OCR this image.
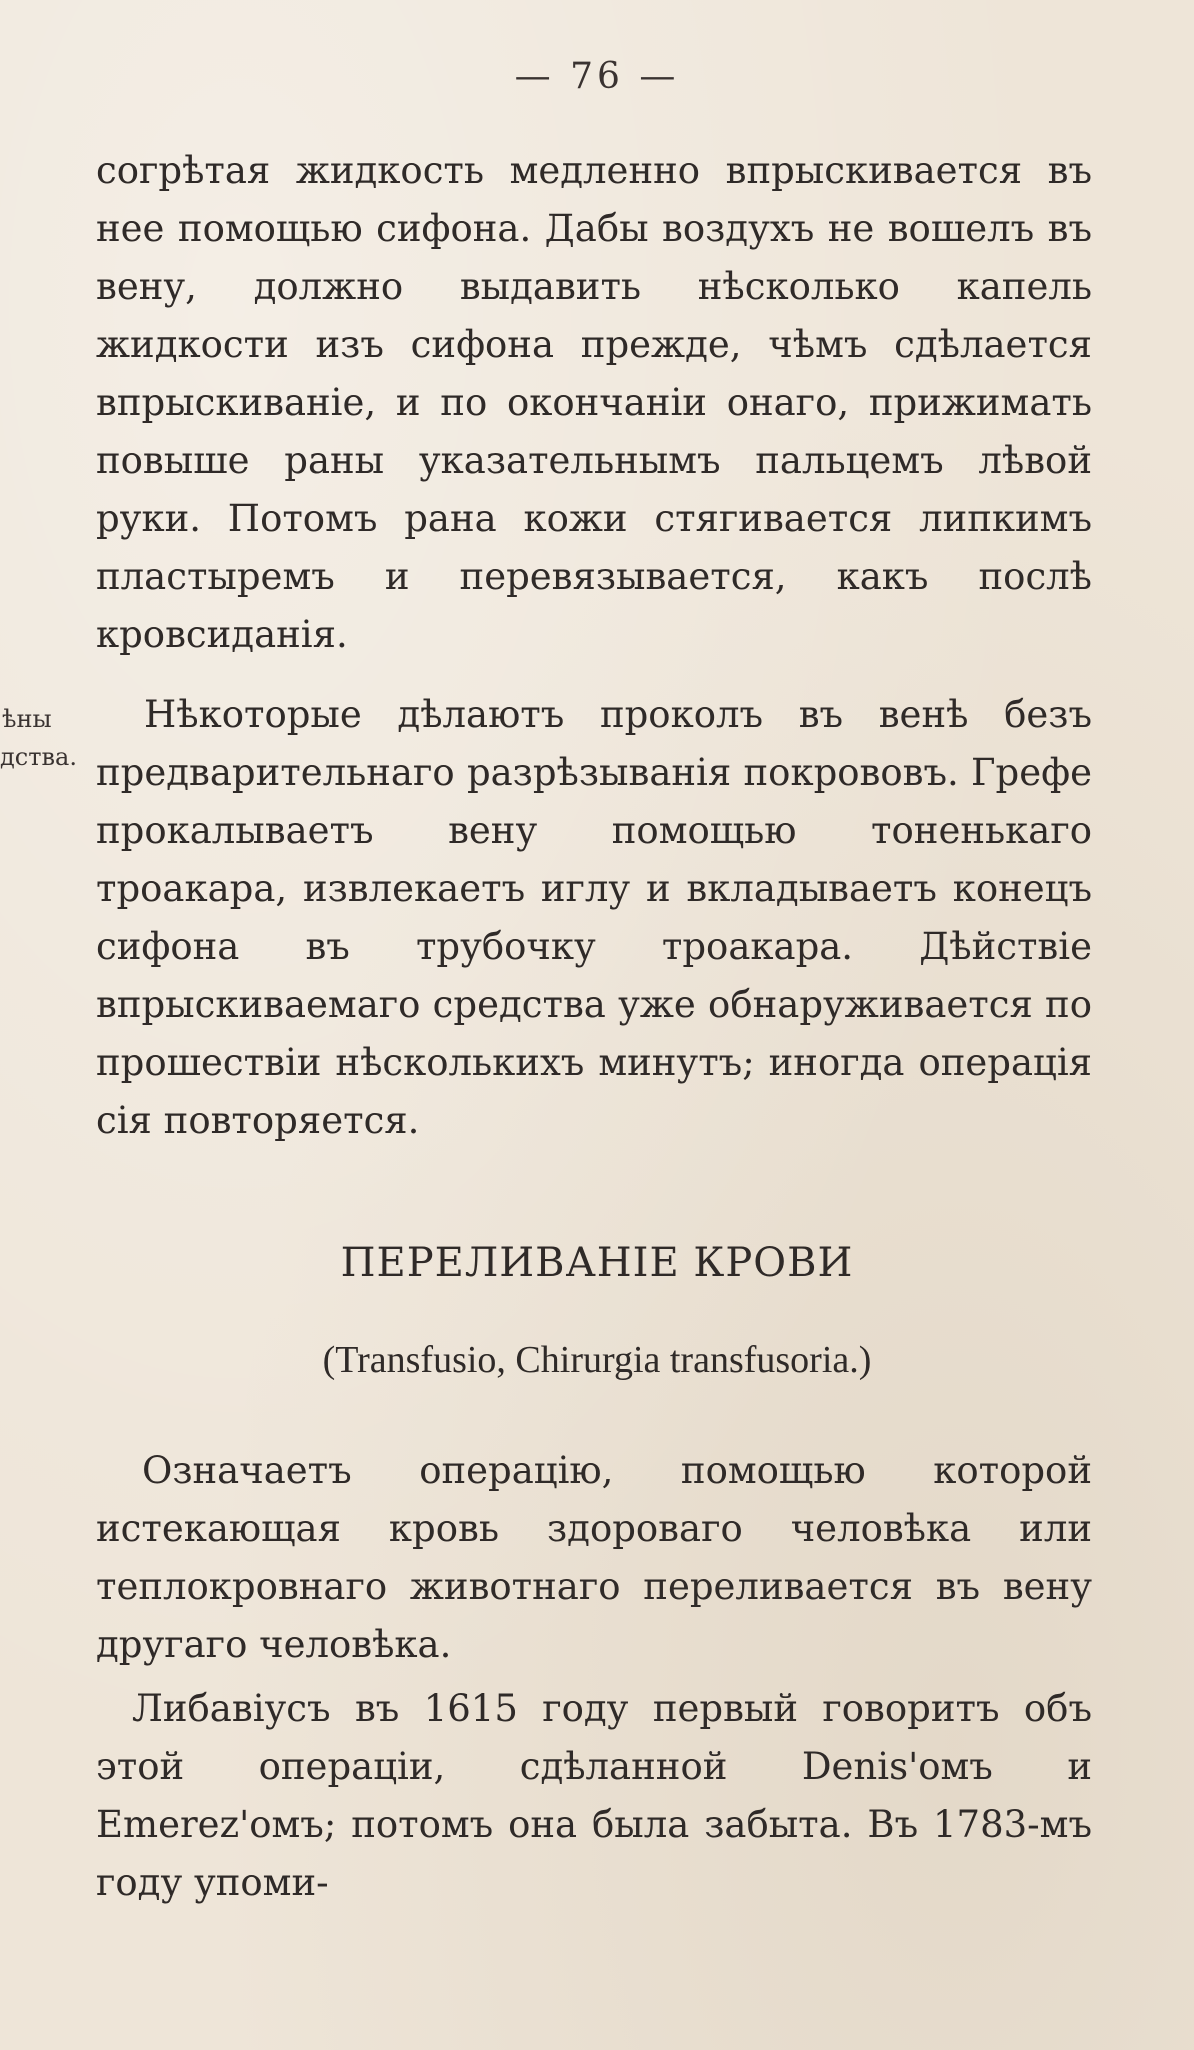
— 76 —
согрѣтая жидкость медленно впрыскивается въ нее помощью сифона. Дабы воздухъ не вошелъ въ вену, должно выдавить нѣсколько капель жидкости изъ сифона прежде, чѣмъ сдѣлается впрыскиванiе, и по окончанiи онаго, прижимать повыше раны указательнымъ пальцемъ лѣвой руки. Потомъ рана кожи стягивается липкимъ пластыремъ и перевязывается, какъ послѣ кровсиданiя.
ѣны
дства.
Нѣкоторые дѣлаютъ проколъ въ венѣ безъ предварительнаго разрѣзыванiя покрововъ. Грефе прокалываетъ вену помощью тоненькаго троакара, извлекаетъ иглу и вкладываетъ конецъ сифона въ трубочку троакара. Дѣйствiе впрыскиваемаго средства уже обнаруживается по прошествiи нѣсколькихъ минутъ; иногда операцiя сiя повторяется.
ПЕРЕЛИВАНIЕ КРОВИ
(Transfusio, Chirurgia transfusoria.)
Означаетъ операцiю, помощью которой истекающая кровь здороваго человѣка или теплокровнаго животнаго переливается въ вену другаго человѣка.
Либавiусъ въ 1615 году первый говоритъ объ этой операцiи, сдѣланной Denis'омъ и Emerez'омъ; потомъ она была забыта. Въ 1783-мъ году упоми-
